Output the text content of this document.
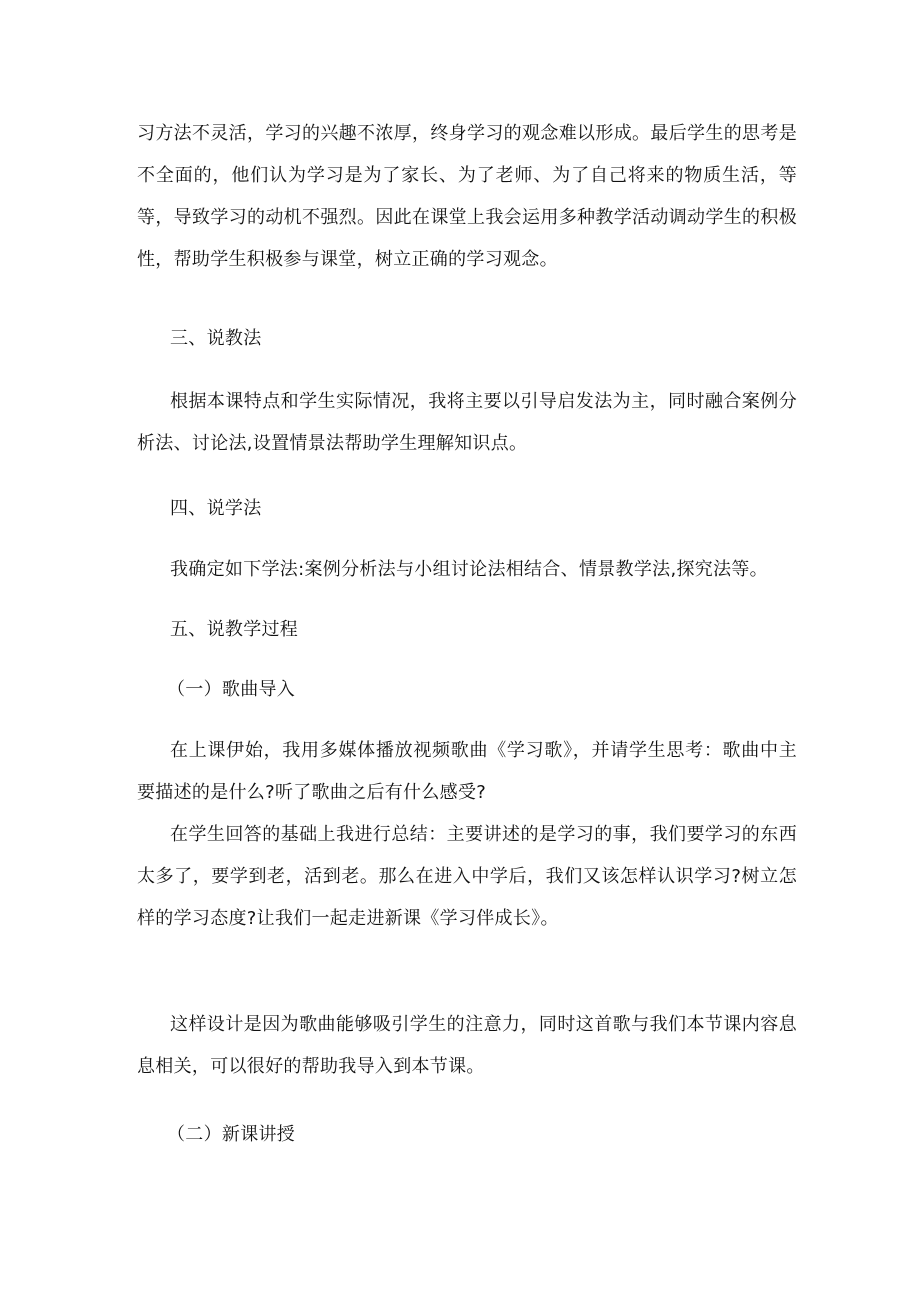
习方法不灵活，学习的兴趣不浓厚，终身学习的观念难以形成。最后学生的思考是不全面的，他们认为学习是为了家长、为了老师、为了自己将来的物质生活，等等，导致学习的动机不强烈。因此在课堂上我会运用多种教学活动调动学生的积极性，帮助学生积极参与课堂，树立正确的学习观念。

三、说教法

根据本课特点和学生实际情况，我将主要以引导启发法为主，同时融合案例分析法、讨论法,设置情景法帮助学生理解知识点。

四、说学法

我确定如下学法:案例分析法与小组讨论法相结合、情景教学法,探究法等。

五、说教学过程

（一）歌曲导入

在上课伊始，我用多媒体播放视频歌曲《学习歌》，并请学生思考：歌曲中主要描述的是什么?听了歌曲之后有什么感受?

在学生回答的基础上我进行总结：主要讲述的是学习的事，我们要学习的东西太多了，要学到老，活到老。那么在进入中学后，我们又该怎样认识学习?树立怎样的学习态度?让我们一起走进新课《学习伴成长》。

这样设计是因为歌曲能够吸引学生的注意力，同时这首歌与我们本节课内容息息相关，可以很好的帮助我导入到本节课。

（二）新课讲授
